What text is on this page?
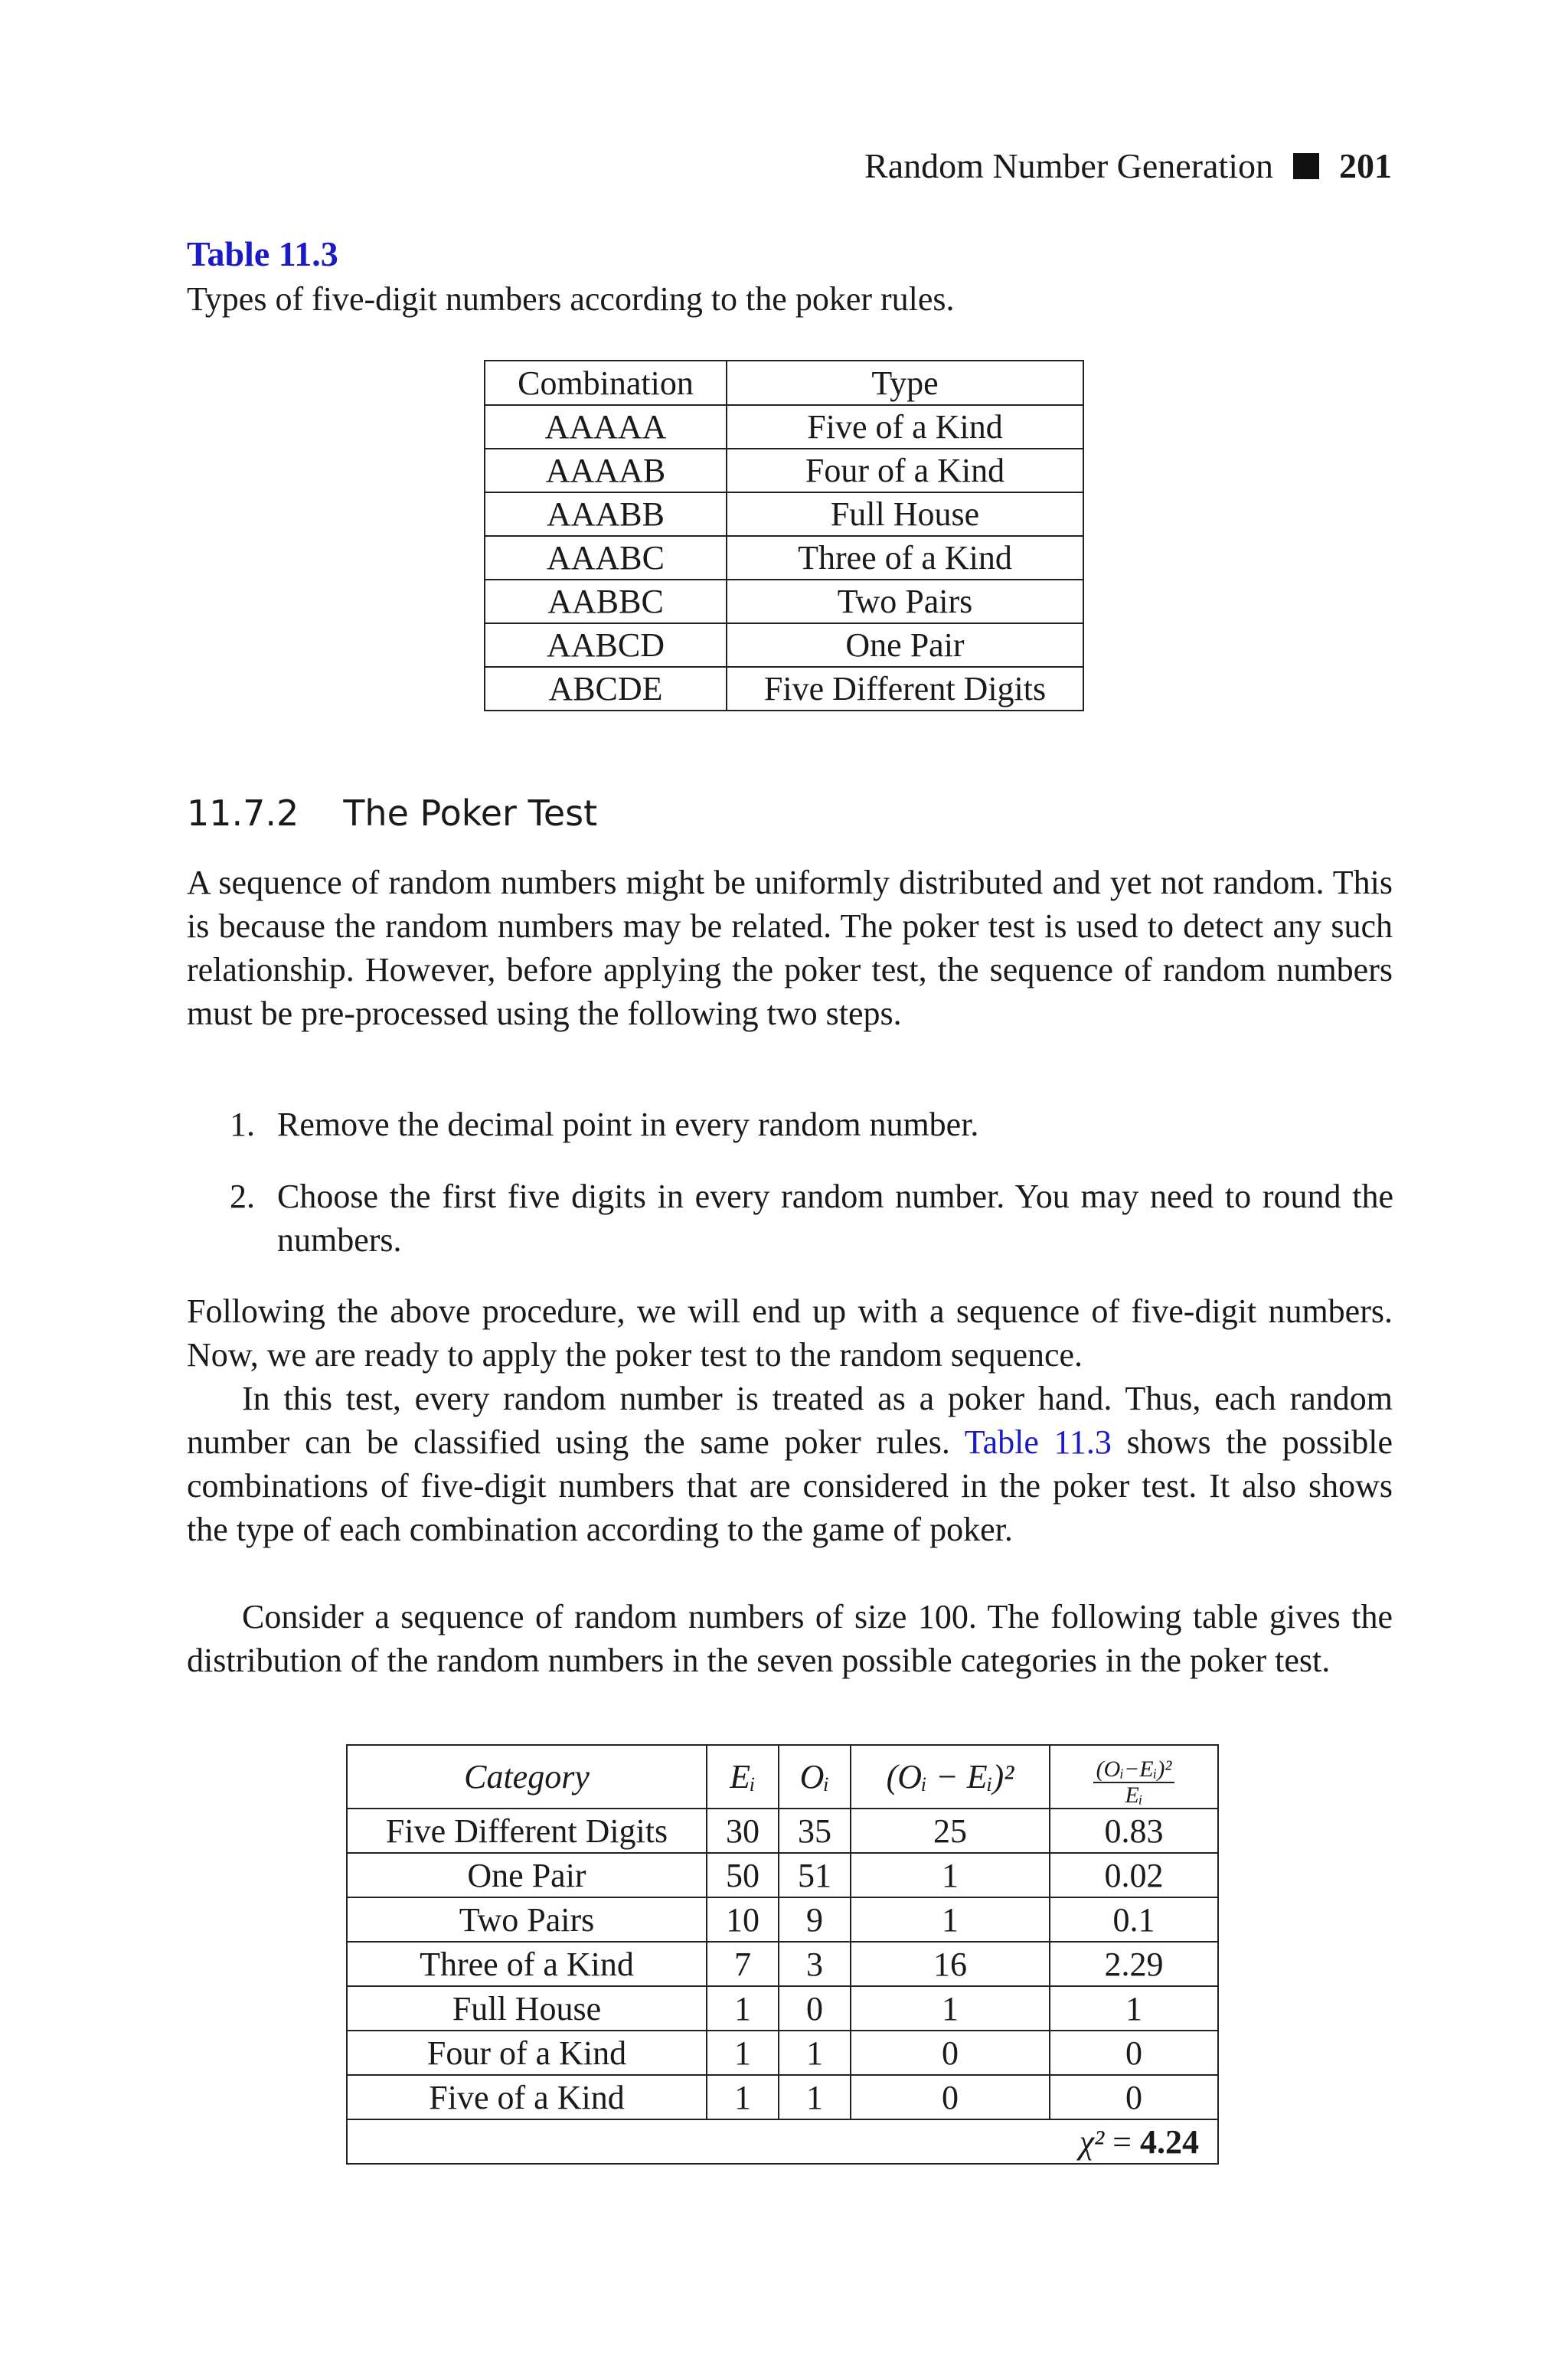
Random Number Generation 201
Table 11.3
Types of five-digit numbers according to the poker rules.
Combination	Type
AAAAA	Five of a Kind
AAAAB	Four of a Kind
AAABB	Full House
AAABC	Three of a Kind
AABBC	Two Pairs
AABCD	One Pair
ABCDE	Five Different Digits
11.7.2 The Poker Test
A sequence of random numbers might be uniformly distributed and yet not random. This is because the random numbers may be related. The poker test is used to detect any such relationship. However, before applying the poker test, the sequence of random numbers must be pre-processed using the following two steps.
1. Remove the decimal point in every random number.
2. Choose the first five digits in every random number. You may need to round the numbers.
Following the above procedure, we will end up with a sequence of five-digit numbers. Now, we are ready to apply the poker test to the random sequence.
In this test, every random number is treated as a poker hand. Thus, each random number can be classified using the same poker rules. Table 11.3 shows the possible combinations of five-digit numbers that are considered in the poker test. It also shows the type of each combination according to the game of poker.
Consider a sequence of random numbers of size 100. The following table gives the distribution of the random numbers in the seven possible categories in the poker test.
Category	Eᵢ	Oᵢ	(Oᵢ − Eᵢ)²	$\frac{\text{(Oᵢ−Eᵢ)²}}{\text{Eᵢ}}$

Five Different Digits	30	35	25	0.83
One Pair	50	51	1	0.02
Two Pairs	10	9	1	0.1
Three of a Kind	7	3	16	2.29
Full House	1	0	1	1
Four of a Kind	1	1	0	0
Five of a Kind	1	1	0	0
χ² = 4.24				
